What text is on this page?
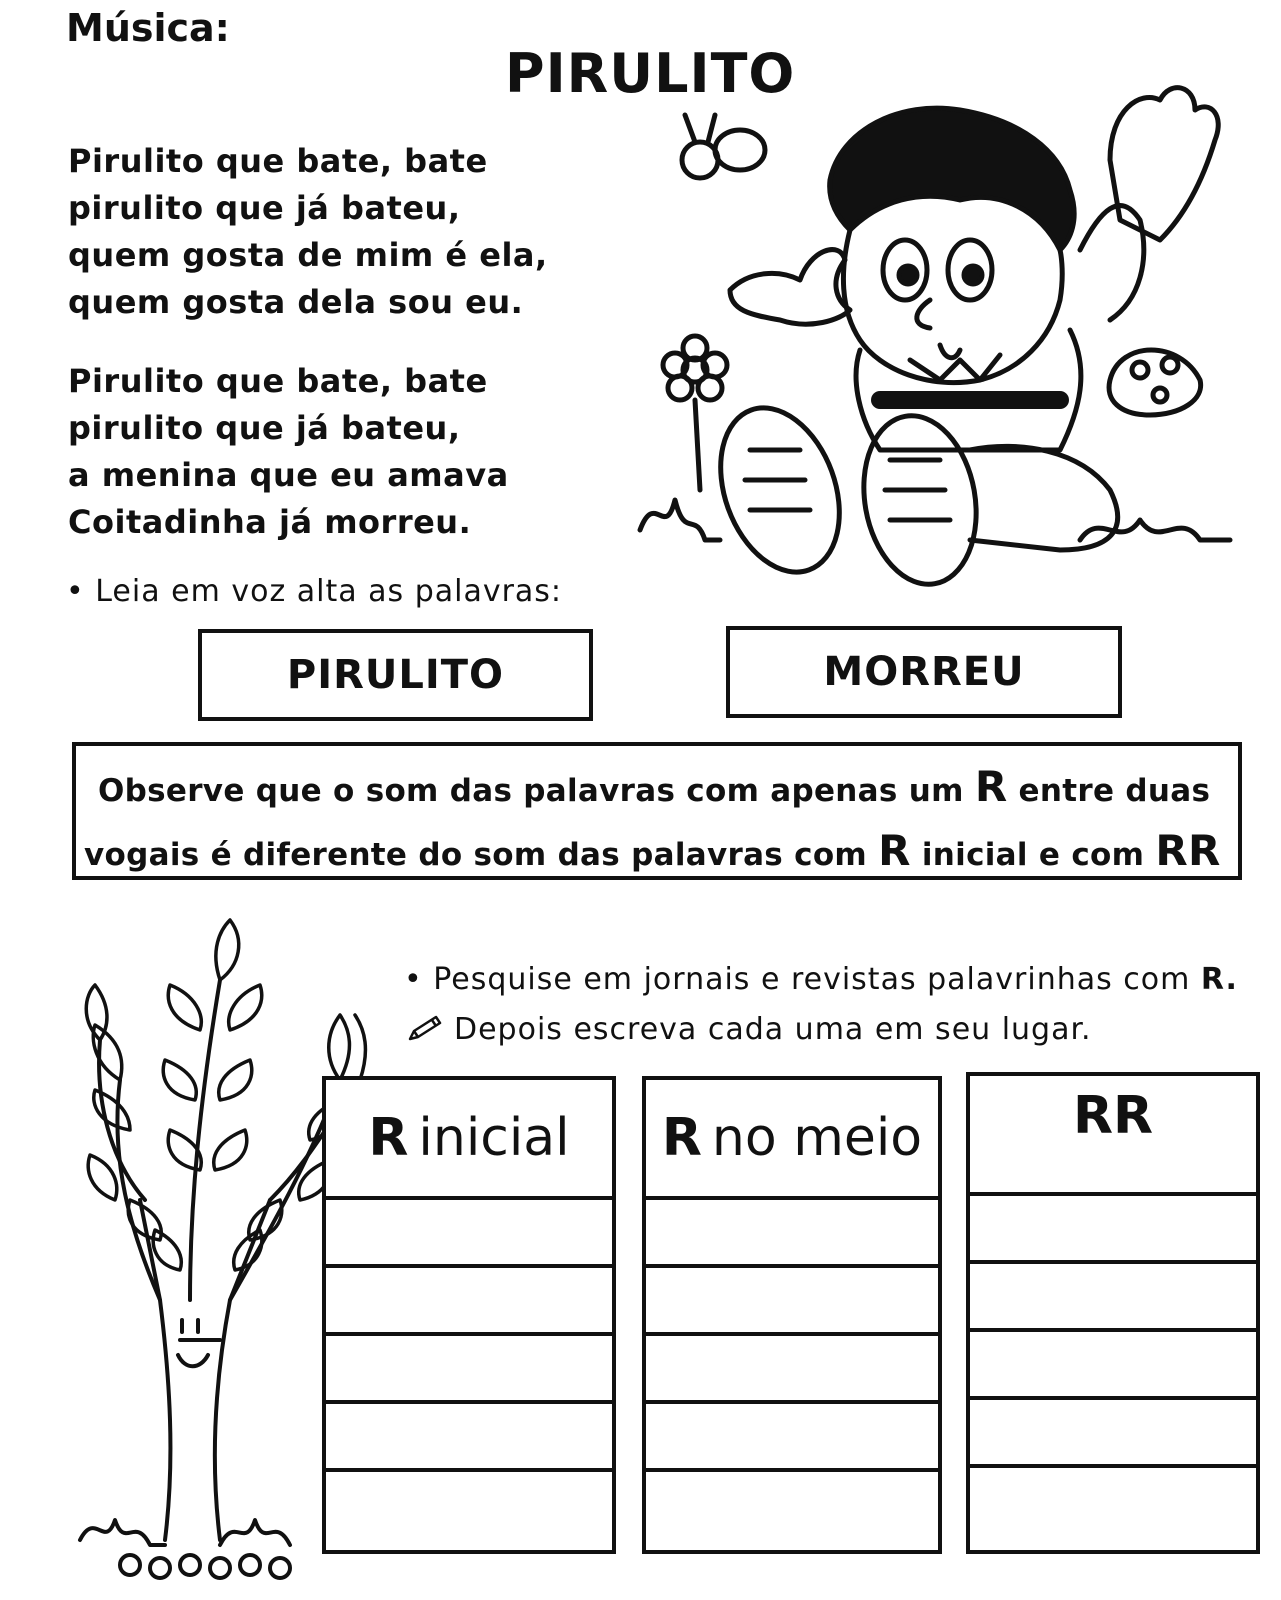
Música:
PIRULITO
Pirulito que bate, bate
pirulito que já bateu,
quem gosta de mim é ela,
quem gosta dela sou eu.
Pirulito que bate, bate
pirulito que já bateu,
a menina que eu amava
Coitadinha já morreu.
• Leia em voz alta as palavras:
PIRULITO	MORREU
Observe que o som das palavras com apenas um R entre duas
vogais é diferente do som das palavras com R inicial e com RR
• Pesquise em jornais e revistas palavrinhas com R.
Depois escreva cada uma em seu lugar.
R inicial R no meio	RR
